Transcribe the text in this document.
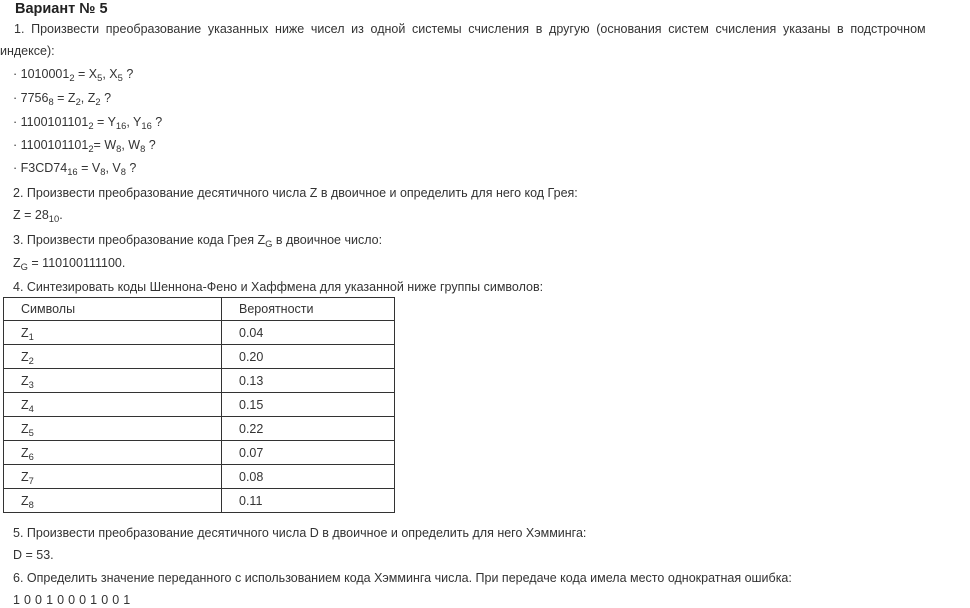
Вариант № 5
1. Произвести преобразование указанных ниже чисел из одной системы счисления в другую (основания систем счисления указаны в подстрочном
индексе):
· $1010001_2 = X_5$, $X_5$ ?
· $7756_8 = Z_2$, $Z_2$ ?
· $1100101101_2 = Y_{16}$, $Y_{16}$ ?
· $1100101101_2= W_8$, $W_8$ ?
· $F3CD74_{16} = V_8$, $V_8$ ?
2. Произвести преобразование десятичного числа Z в двоичное и определить для него код Грея:
$Z = 28_{10}$.
3. Произвести преобразование кода Грея $Z_G$ в двоичное число:
$Z_G = 110100111100$.
4. Синтезировать коды Шеннона-Фено и Хаффмена для указанной ниже группы символов:
Символы	Вероятности
$Z_1$	0.04
$Z_2$	0.20
$Z_3$	0.13
$Z_4$	0.15
$Z_5$	0.22
$Z_6$	0.07
$Z_7$	0.08
$Z_8$	0.11
5. Произвести преобразование десятичного числа D в двоичное и определить для него Хэмминга:
D = 53.
6. Определить значение переданного с использованием кода Хэмминга числа. При передаче кода имела место однократная ошибка:
1 0 0 1 0 0 0 1 0 0 1
